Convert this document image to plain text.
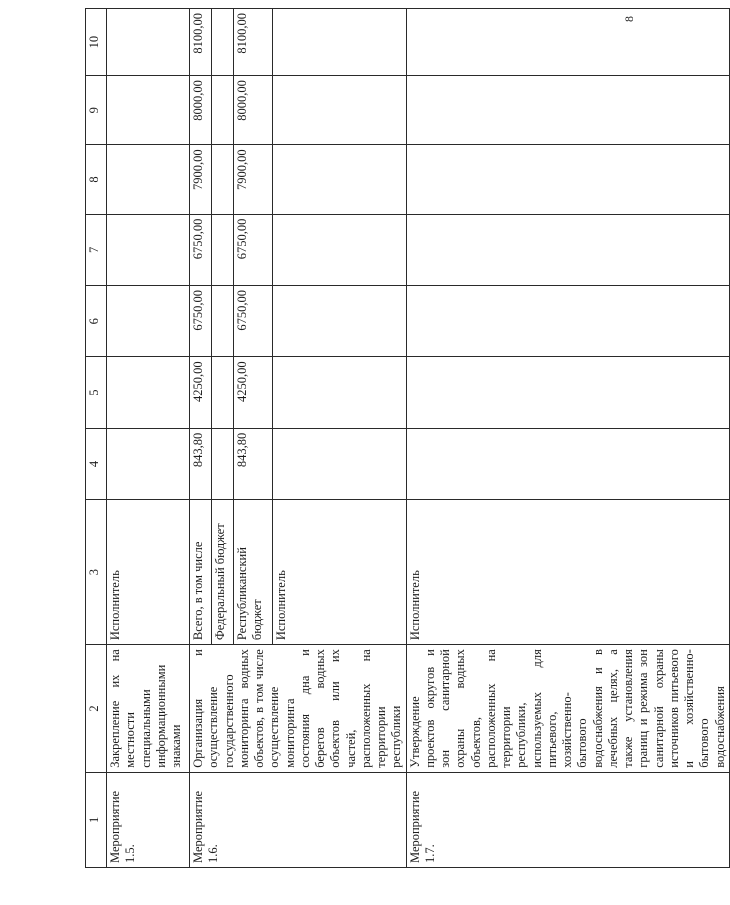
8
1	2	3	4	5	6	7	8	9	10
Мероприятие 1.5.	Закрепление их на местности специальными информационными знаками	Исполнитель							
Мероприятие 1.6.	Организация и осуществление государственного мониторинга водных объектов, в том числе осуществление мониторинга состояния дна и берегов водных объектов или их частей, расположенных на территории республики	Всего, в том числе	843,80	4250,00	6750,00	6750,00	7900,00	8000,00	8100,00
		Федеральный бюджет							
		Республиканский бюджет	843,80	4250,00	6750,00	6750,00	7900,00	8000,00	8100,00
		Исполнитель							
Мероприятие 1.7.	Утверждение проектов округов и зон санитарной охраны водных объектов, расположенных на территории республики, используемых для питьевого, хозяйственно-бытового водоснабжения и в лечебных целях, а также установления границ и режима зон санитарной охраны источников питьевого и хозяйственно-бытового водоснабжения	Исполнитель							
